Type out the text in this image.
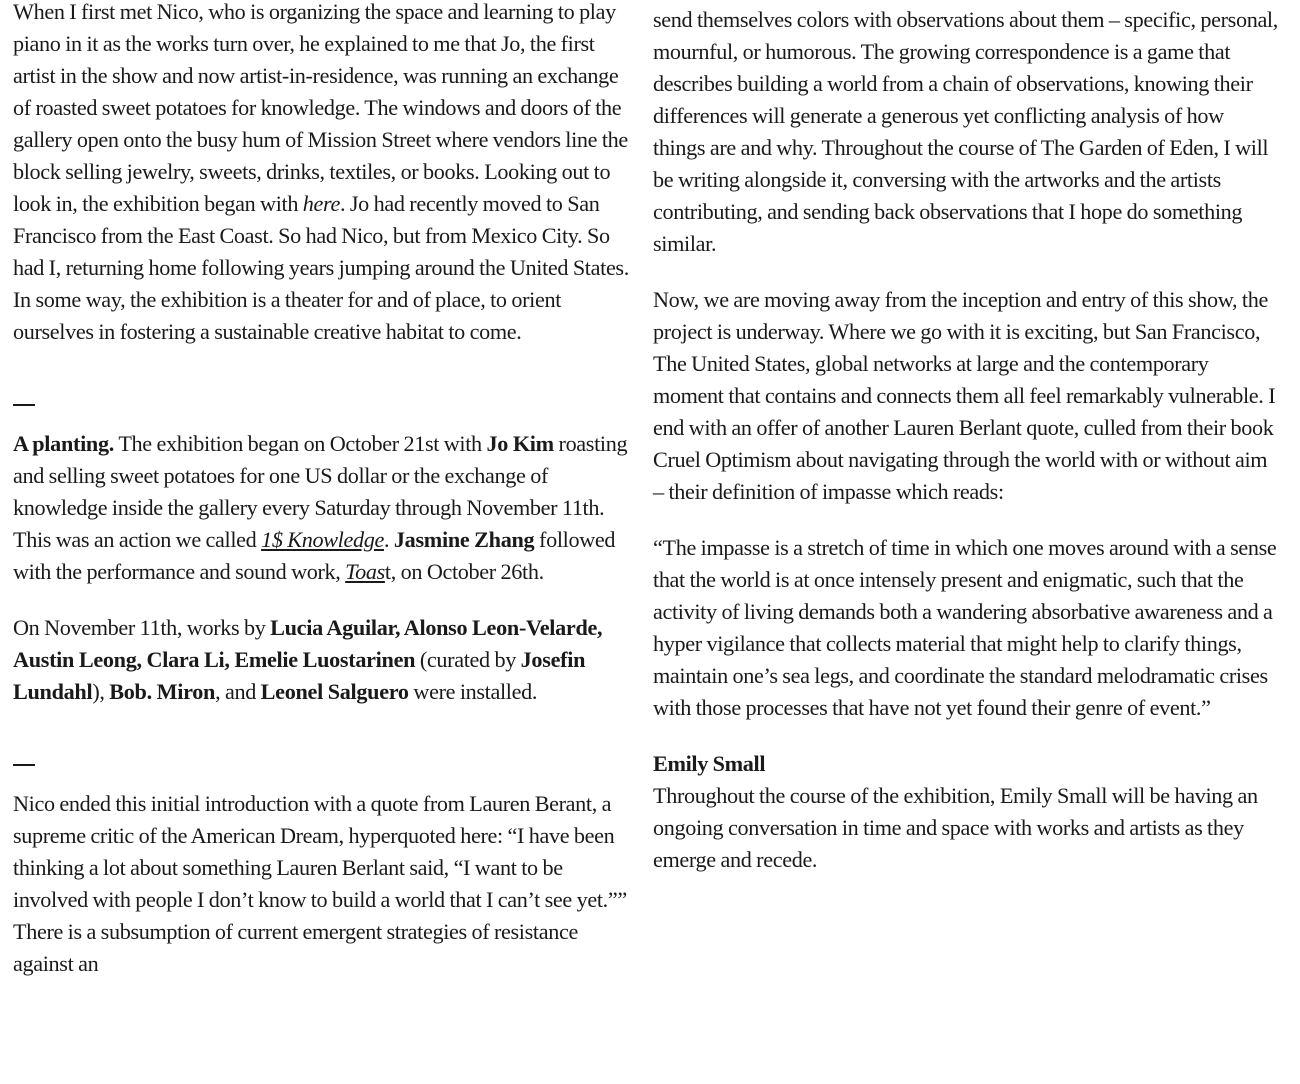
When I first met Nico, who is organizing the space and learning to play piano in it as the works turn over, he explained to me that Jo, the first artist in the show and now artist-in-residence, was running an exchange of roasted sweet potatoes for knowledge. The windows and doors of the gallery open onto the busy hum of Mission Street where vendors line the block selling jewelry, sweets, drinks, textiles, or books. Looking out to look in, the exhibition began with here. Jo had recently moved to San Francisco from the East Coast. So had Nico, but from Mexico City. So had I, returning home following years jumping around the United States. In some way, the exhibition is a theater for and of place, to orient ourselves in fostering a sustainable creative habitat to come.

A planting. The exhibition began on October 21st with Jo Kim roasting and selling sweet potatoes for one US dollar or the exchange of knowledge inside the gallery every Saturday through November 11th. This was an action we called 1$ Knowledge. Jasmine Zhang followed with the performance and sound work, Toast, on October 26th.

On November 11th, works by Lucia Aguilar, Alonso Leon-Velarde, Austin Leong, Clara Li, Emelie Luostarinen (curated by Josefin Lundahl), Bob. Miron, and Leonel Salguero were installed.

Nico ended this initial introduction with a quote from Lauren Berant, a supreme critic of the American Dream, hyperquoted here: “I have been thinking a lot about something Lauren Berlant said, “I want to be involved with people I don’t know to build a world that I can’t see yet.”” There is a subsumption of current emergent strategies of resistance against an

send themselves colors with observations about them – specific, personal, mournful, or humorous. The growing correspondence is a game that describes building a world from a chain of observations, knowing their differences will generate a generous yet conflicting analysis of how things are and why. Throughout the course of The Garden of Eden, I will be writing alongside it, conversing with the artworks and the artists contributing, and sending back observations that I hope do something similar.

Now, we are moving away from the inception and entry of this show, the project is underway. Where we go with it is exciting, but San Francisco, The United States, global networks at large and the contemporary moment that contains and connects them all feel remarkably vulnerable. I end with an offer of another Lauren Berlant quote, culled from their book Cruel Optimism about navigating through the world with or without aim – their definition of impasse which reads:

“The impasse is a stretch of time in which one moves around with a sense that the world is at once intensely present and enigmatic, such that the activity of living demands both a wandering absorbative awareness and a hyper vigilance that collects material that might help to clarify things, maintain one’s sea legs, and coordinate the standard melodramatic crises with those processes that have not yet found their genre of event.”

Emily Small
Throughout the course of the exhibition, Emily Small will be having an ongoing conversation in time and space with works and artists as they emerge and recede.
